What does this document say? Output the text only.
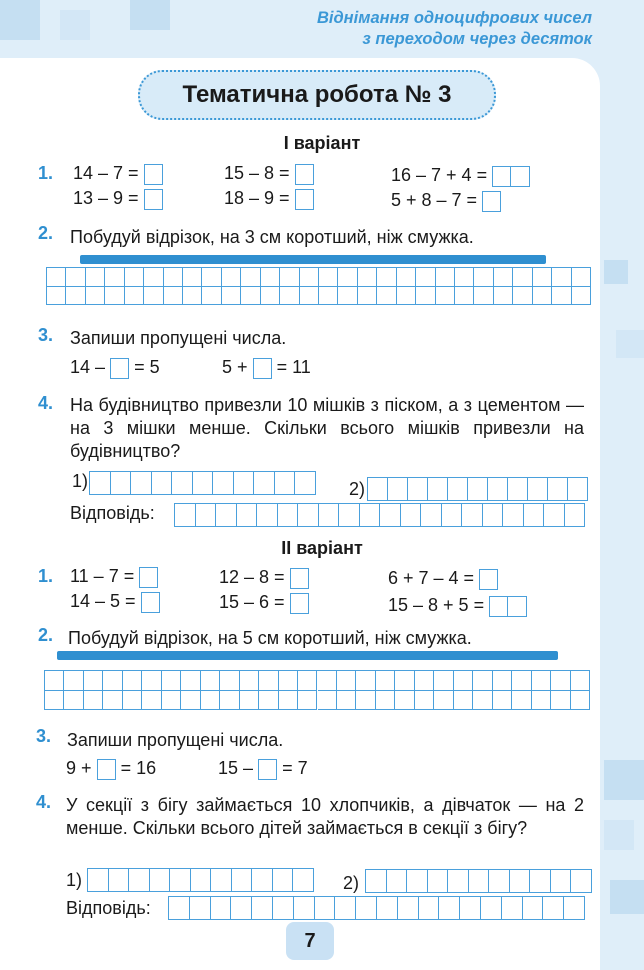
Віднімання одноцифрових чисел
з переходом через десяток
Тематична робота № 3
І варіант
1. 14 – 7 =
13 – 9 =
15 – 8 =
18 – 9 =
16 – 7 + 4 =
5 + 8 – 7 =
2. Побудуй відрізок, на 3 см коротший, ніж смужка.
3. Запиши пропущені числа.
14 – = 5	5 + = 11
4. На будівництво привезли 10 мішків з піском, а з цементом — на 3 мішки менше. Скільки всього мішків привезли на будівництво?
1)	2)
Відповідь:
ІІ варіант
1. 11 – 7 =
14 – 5 =
12 – 8 =
15 – 6 =
6 + 7 – 4 =
15 – 8 + 5 =
2. Побудуй відрізок, на 5 см коротший, ніж смужка.
3. Запиши пропущені числа.
9 + = 16	15 – = 7
4. У секції з бігу займається 10 хлопчиків, а дівчаток — на 2 менше. Скільки всього дітей займається в секції з бігу?
1)	2)
Відповідь:
7
